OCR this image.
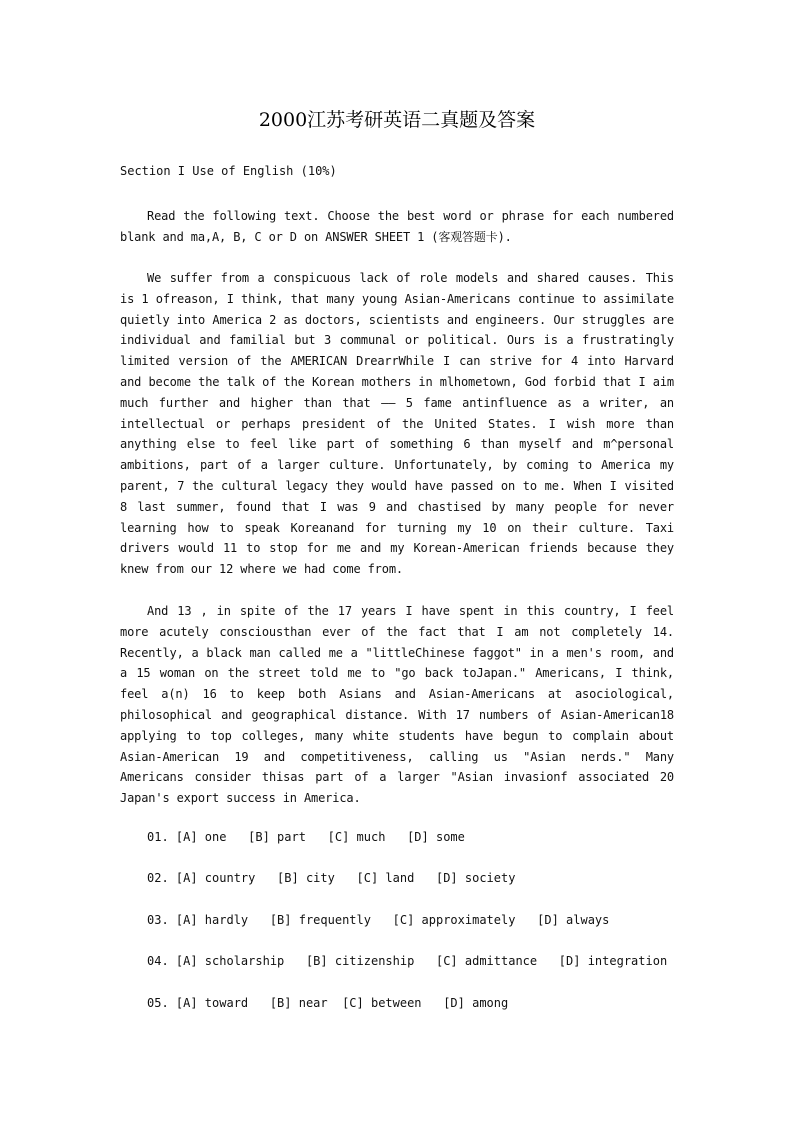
2000江苏考研英语二真题及答案
Section I Use of English (10%)
Read the following text. Choose the best word or phrase for each numbered blank and ma,A, B, C or D on ANSWER SHEET 1 (客观答题卡).
We suffer from a conspicuous lack of role models and shared causes. This is 1 ofreason, I think, that many young Asian-Americans continue to assimilate quietly into America 2 as doctors, scientists and engineers. Our struggles are individual and familial but 3 communal or political. Ours is a frustratingly limited version of the AMERICAN DrearrWhile I can strive for 4 into Harvard and become the talk of the Korean mothers in mlhometown, God forbid that I aim much further and higher than that —— 5 fame antinfluence as a writer, an intellectual or perhaps president of the United States. I wish more than anything else to feel like part of something 6 than myself and m^personal ambitions, part of a larger culture. Unfortunately, by coming to America my parent, 7 the cultural legacy they would have passed on to me. When I visited 8 last summer, found that I was 9 and chastised by many people for never learning how to speak Koreanand for turning my 10 on their culture. Taxi drivers would 11 to stop for me and my Korean-American friends because they knew from our 12 where we had come from.
And 13 , in spite of the 17 years I have spent in this country, I feel more acutely consciousthan ever of the fact that I am not completely 14. Recently, a black man called me a "littleChinese faggot" in a men's room, and a 15 woman on the street told me to "go back toJapan." Americans, I think, feel a(n) 16 to keep both Asians and Asian-Americans at asociological, philosophical and geographical distance. With 17 numbers of Asian-American18 applying to top colleges, many white students have begun to complain about Asian-American 19 and competitiveness, calling us "Asian nerds." Many Americans consider thisas part of a larger "Asian invasionf associated 20 Japan's export success in America.
01. [A] one   [B] part   [C] much   [D] some
02. [A] country   [B] city   [C] land   [D] society
03. [A] hardly   [B] frequently   [C] approximately   [D] always
04. [A] scholarship   [B] citizenship   [C] admittance   [D] integration
05. [A] toward   [B] near  [C] between   [D] among
